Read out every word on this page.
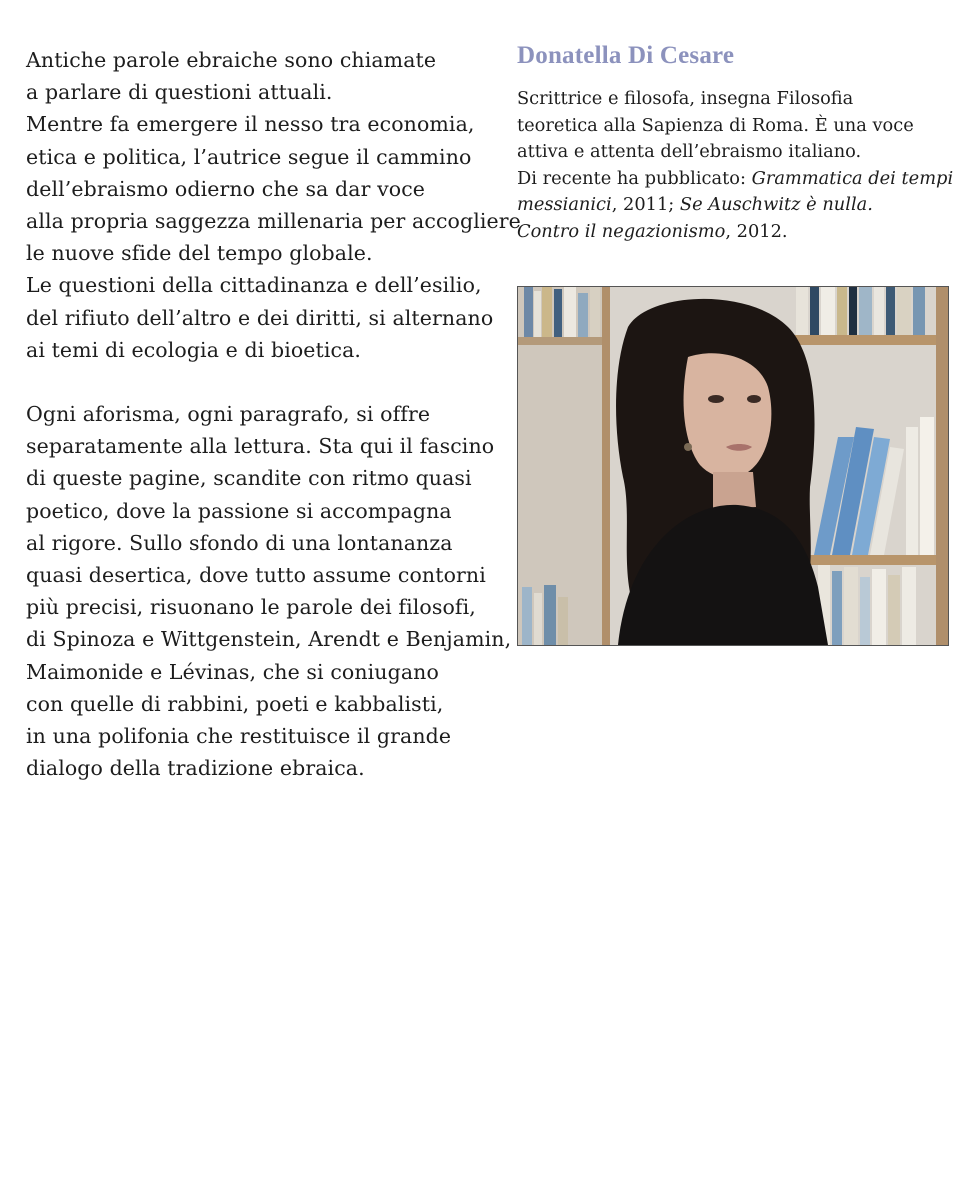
Antiche parole ebraiche sono chiamate
a parlare di questioni attuali.
Mentre fa emergere il nesso tra economia,
etica e politica, l’autrice segue il cammino
dell’ebraismo odierno che sa dar voce
alla propria saggezza millenaria per accogliere
le nuove sfide del tempo globale.
Le questioni della cittadinanza e dell’esilio,
del rifiuto dell’altro e dei diritti, si alternano
ai temi di ecologia e di bioetica.

Ogni aforisma, ogni paragrafo, si offre
separatamente alla lettura. Sta qui il fascino
di queste pagine, scandite con ritmo quasi
poetico, dove la passione si accompagna
al rigore. Sullo sfondo di una lontananza
quasi desertica, dove tutto assume contorni
più precisi, risuonano le parole dei filosofi,
di Spinoza e Wittgenstein, Arendt e Benjamin,
Maimonide e Lévinas, che si coniugano
con quelle di rabbini, poeti e kabbalisti,
in una polifonia che restituisce il grande
dialogo della tradizione ebraica.

Donatella Di Cesare
Scrittrice e filosofa, insegna Filosofia
teoretica alla Sapienza di Roma. È una voce
attiva e attenta dell’ebraismo italiano.
Di recente ha pubblicato: Grammatica dei tempi
messianici, 2011; Se Auschwitz è nulla.
Contro il negazionismo, 2012.
